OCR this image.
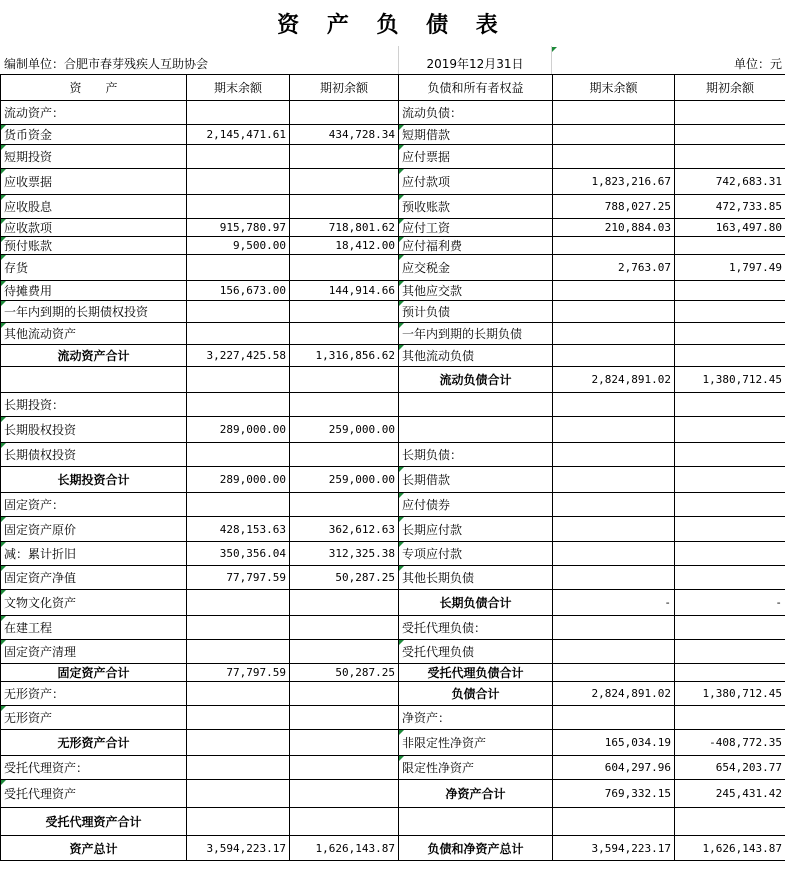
资 产 负 债 表
编制单位：合肥市春芽残疾人互助协会	2019年12月31日	单位：元
资　　产	期末余额	期初余额	负债和所有者权益	期末余额	期初余额
流动资产：			流动负债：		
货币资金	2,145,471.61	434,728.34	短期借款		
短期投资			应付票据		
应收票据			应付款项	1,823,216.67	742,683.31
应收股息			预收账款	788,027.25	472,733.85
应收款项	915,780.97	718,801.62	应付工资	210,884.03	163,497.80
预付账款	9,500.00	18,412.00	应付福利费		
存货			应交税金	2,763.07	1,797.49
待摊费用	156,673.00	144,914.66	其他应交款		
一年内到期的长期债权投资			预计负债		
其他流动资产			一年内到期的长期负债		
流动资产合计	3,227,425.58	1,316,856.62	其他流动负债		
			流动负债合计	2,824,891.02	1,380,712.45
长期投资：					
长期股权投资	289,000.00	259,000.00			
长期债权投资			长期负债：		
长期投资合计	289,000.00	259,000.00	长期借款		
固定资产：			应付债券		
固定资产原价	428,153.63	362,612.63	长期应付款		
减：累计折旧	350,356.04	312,325.38	专项应付款		
固定资产净值	77,797.59	50,287.25	其他长期负债		
文物文化资产			长期负债合计	-	-
在建工程			受托代理负债：		
固定资产清理			受托代理负债		
固定资产合计	77,797.59	50,287.25	受托代理负债合计		
无形资产：			负债合计	2,824,891.02	1,380,712.45
无形资产			净资产：		
无形资产合计			非限定性净资产	165,034.19	-408,772.35
受托代理资产：			限定性净资产	604,297.96	654,203.77
受托代理资产			净资产合计	769,332.15	245,431.42
受托代理资产合计					
资产总计	3,594,223.17	1,626,143.87	负债和净资产总计	3,594,223.17	1,626,143.87
